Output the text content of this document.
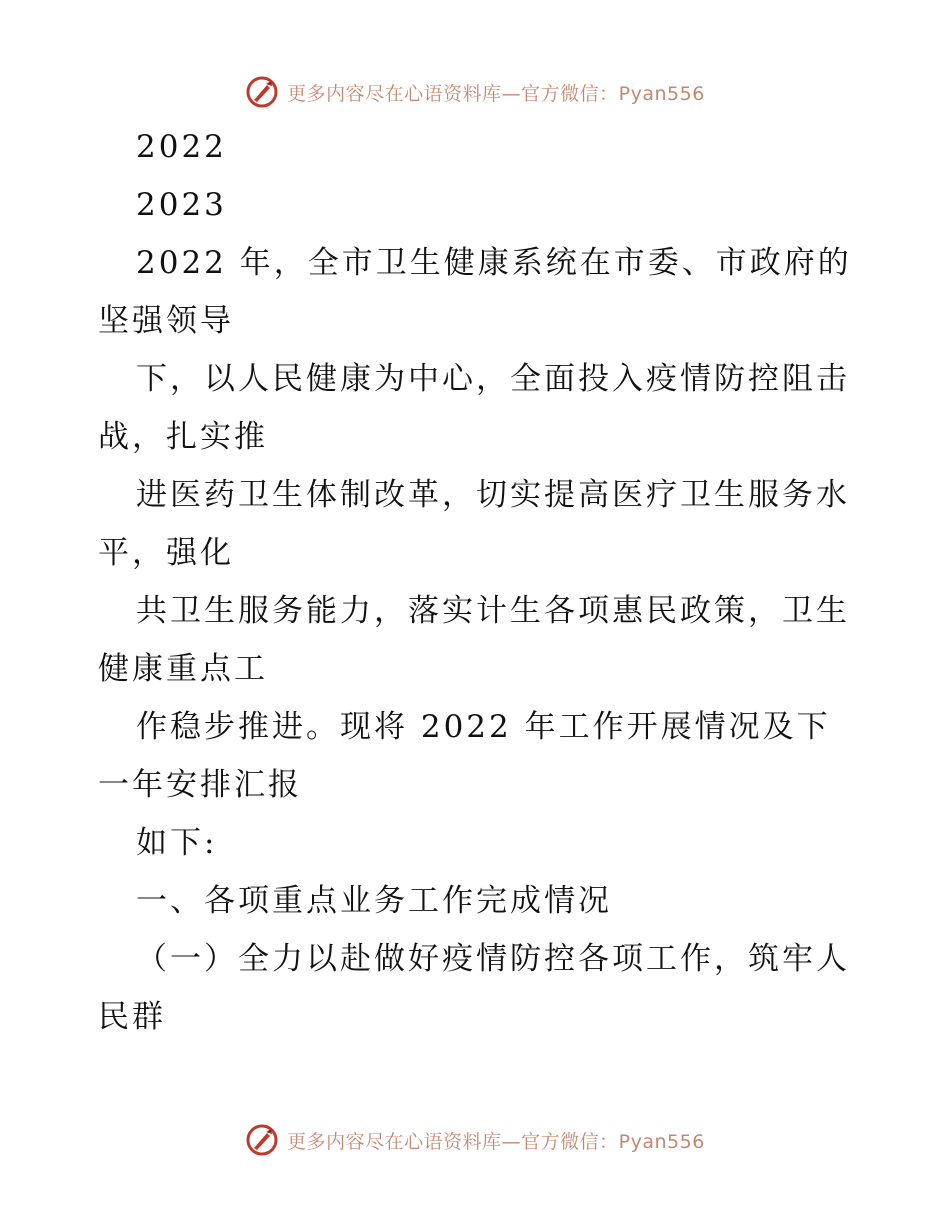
更多内容尽在心语资料库—官方微信：Pyan556

2022

2023

2022 年，全市卫生健康系统在市委、市政府的坚强领导

下，以人民健康为中心，全面投入疫情防控阻击战，扎实推

进医药卫生体制改革，切实提高医疗卫生服务水平，强化

共卫生服务能力，落实计生各项惠民政策，卫生健康重点工

作稳步推进。现将 2022 年工作开展情况及下一年安排汇报

如下:

一、各项重点业务工作完成情况

（一）全力以赴做好疫情防控各项工作，筑牢人民群

更多内容尽在心语资料库—官方微信：Pyan556
